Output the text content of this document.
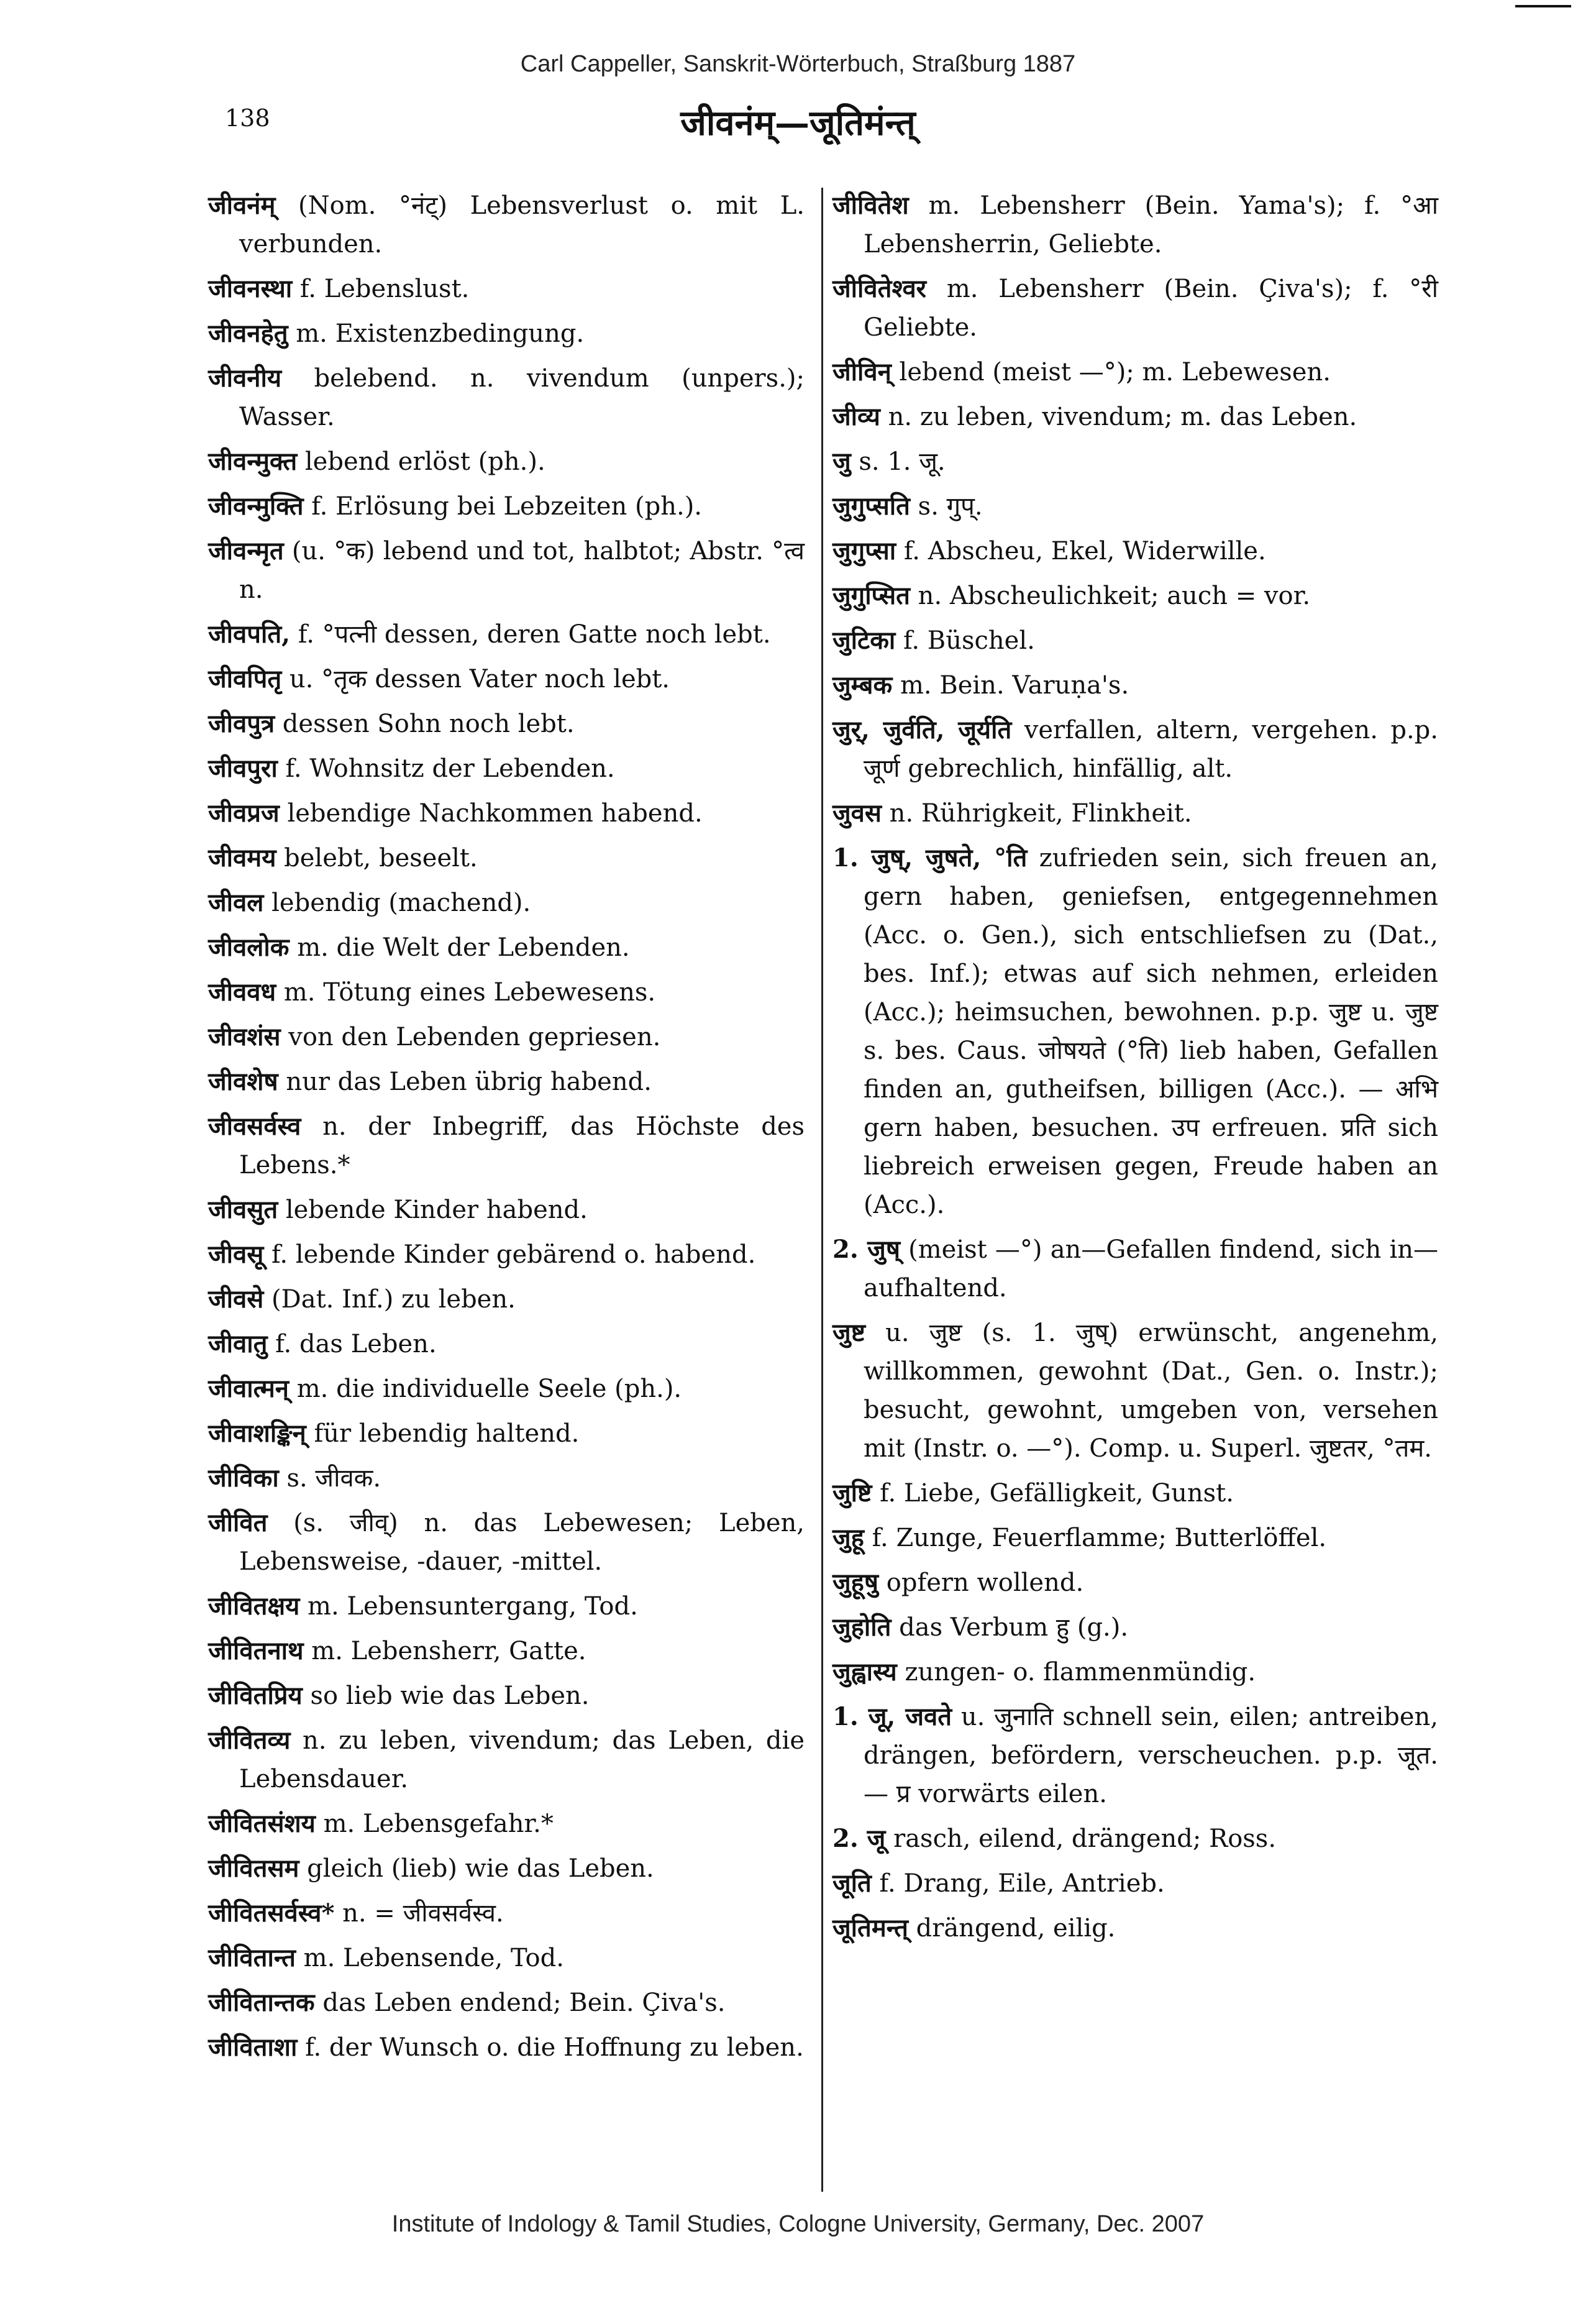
Carl Cappeller, Sanskrit-Wörterbuch, Straßburg 1887
138	जीवनंम्—जूतिमंन्त्

जीवनंम् (Nom. °नंट्) Lebensverlust o. mit L. verbunden.

जीवनस्था f. Lebenslust.

जीवनहेतु m. Existenzbedingung.

जीवनीय belebend. n. vivendum (unpers.); Wasser.

जीवन्मुक्त lebend erlöst (ph.).

जीवन्मुक्ति f. Erlösung bei Lebzeiten (ph.).

जीवन्मृत (u. °क) lebend und tot, halbtot; Abstr. °त्व n.

जीवपति, f. °पत्नी dessen, deren Gatte noch lebt.

जीवपितृ u. °तृक dessen Vater noch lebt.

जीवपुत्र dessen Sohn noch lebt.

जीवपुरा f. Wohnsitz der Lebenden.

जीवप्रज lebendige Nachkommen habend.

जीवमय belebt, beseelt.

जीवल lebendig (machend).

जीवलोक m. die Welt der Lebenden.

जीववध m. Tötung eines Lebewesens.

जीवशंस von den Lebenden gepriesen.

जीवशेष nur das Leben übrig habend.

जीवसर्वस्व n. der Inbegriff, das Höchste des Lebens.*

जीवसुत lebende Kinder habend.

जीवसू f. lebende Kinder gebärend o. habend.

जीवसे (Dat. Inf.) zu leben.

जीवातु f. das Leben.

जीवात्मन् m. die individuelle Seele (ph.).

जीवाशङ्किन् für lebendig haltend.

जीविका s. जीवक.

जीवित (s. जीव्) n. das Lebewesen; Leben, Lebensweise, -dauer, -mittel.

जीवितक्षय m. Lebensuntergang, Tod.

जीवितनाथ m. Lebensherr, Gatte.

जीवितप्रिय so lieb wie das Leben.

जीवितव्य n. zu leben, vivendum; das Leben, die Lebensdauer.

जीवितसंशय m. Lebensgefahr.*

जीवितसम gleich (lieb) wie das Leben.

जीवितसर्वस्व* n. = जीवसर्वस्व.

जीवितान्त m. Lebensende, Tod.

जीवितान्तक das Leben endend; Bein. Çiva's.

जीविताशा f. der Wunsch o. die Hoffnung zu leben.

जीवितेश m. Lebensherr (Bein. Yama's); f. °आ Lebensherrin, Geliebte.

जीवितेश्वर m. Lebensherr (Bein. Çiva's); f. °री Geliebte.

जीविन् lebend (meist —°); m. Lebewesen.

जीव्य n. zu leben, vivendum; m. das Leben.

जु s. 1. जू.

जुगुप्सति s. गुप्.

जुगुप्सा f. Abscheu, Ekel, Widerwille.

जुगुप्सित n. Abscheulichkeit; auch = vor.

जुटिका f. Büschel.

जुम्बक m. Bein. Varuṇa's.

जुर्, जुर्वति, जूर्यति verfallen, altern, vergehen. p.p. जूर्ण gebrechlich, hinfällig, alt.

जुवस n. Rührigkeit, Flinkheit.

1. जुष्, जुषते, °ति zufrieden sein, sich freuen an, gern haben, geniefsen, entgegennehmen (Acc. o. Gen.), sich entschliefsen zu (Dat., bes. Inf.); etwas auf sich nehmen, erleiden (Acc.); heimsuchen, bewohnen. p.p. जुष्ट u. जुष्ट s. bes. Caus. जोषयते (°ति) lieb haben, Gefallen finden an, gutheifsen, billigen (Acc.). — अभि gern haben, besuchen. उप erfreuen. प्रति sich liebreich erweisen gegen, Freude haben an (Acc.).

2. जुष् (meist —°) an—Gefallen findend, sich in—aufhaltend.

जुष्ट u. जुष्ट (s. 1. जुष्) erwünscht, angenehm, willkommen, gewohnt (Dat., Gen. o. Instr.); besucht, gewohnt, umgeben von, versehen mit (Instr. o. —°). Comp. u. Superl. जुष्टतर, °तम.

जुष्टि f. Liebe, Gefälligkeit, Gunst.

जुहू f. Zunge, Feuerflamme; Butterlöffel.

जुहूषु opfern wollend.

जुहोति das Verbum हु (g.).

जुह्वास्य zungen- o. flammenmündig.

1. जू, जवते u. जुनाति schnell sein, eilen; antreiben, drängen, befördern, verscheuchen. p.p. जूत. — प्र vorwärts eilen.

2. जू rasch, eilend, drängend; Ross.

जूति f. Drang, Eile, Antrieb.

जूतिमन्त् drängend, eilig.

Institute of Indology & Tamil Studies, Cologne University, Germany, Dec. 2007
